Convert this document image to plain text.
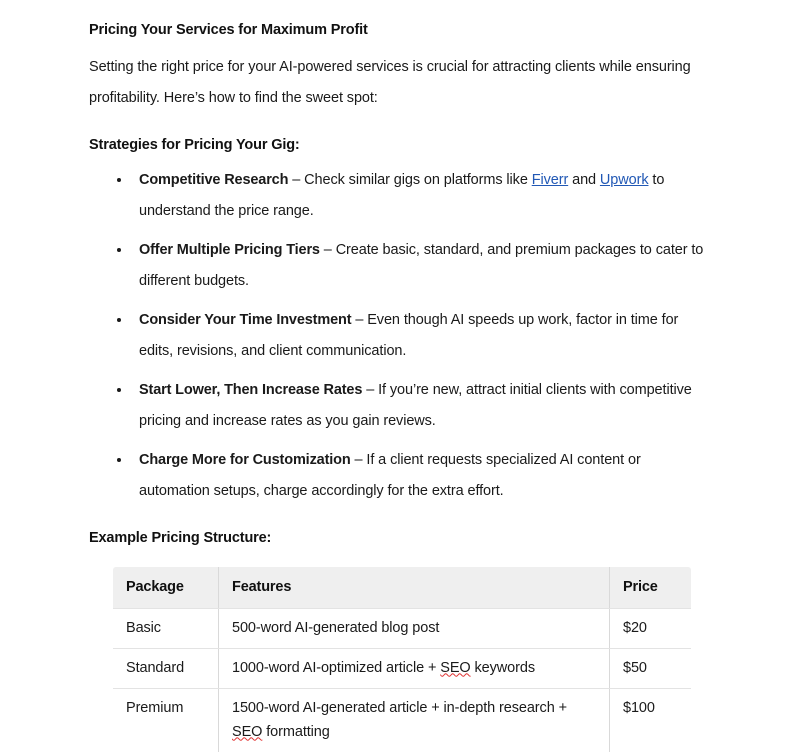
Pricing Your Services for Maximum Profit

Setting the right price for your AI-powered services is crucial for attracting clients while ensuring profitability. Here’s how to find the sweet spot:

Strategies for Pricing Your Gig:
Competitive Research – Check similar gigs on platforms like Fiverr and Upwork to understand the price range.
Offer Multiple Pricing Tiers – Create basic, standard, and premium packages to cater to different budgets.
Consider Your Time Investment – Even though AI speeds up work, factor in time for edits, revisions, and client communication.
Start Lower, Then Increase Rates – If you’re new, attract initial clients with competitive pricing and increase rates as you gain reviews.
Charge More for Customization – If a client requests specialized AI content or automation setups, charge accordingly for the extra effort.
Example Pricing Structure:
Package	Features	Price
Basic	500-word AI-generated blog post	$20
Standard	1000-word AI-optimized article + SEO keywords	$50
Premium	1500-word AI-generated article + in-depth research + SEO formatting	$100
